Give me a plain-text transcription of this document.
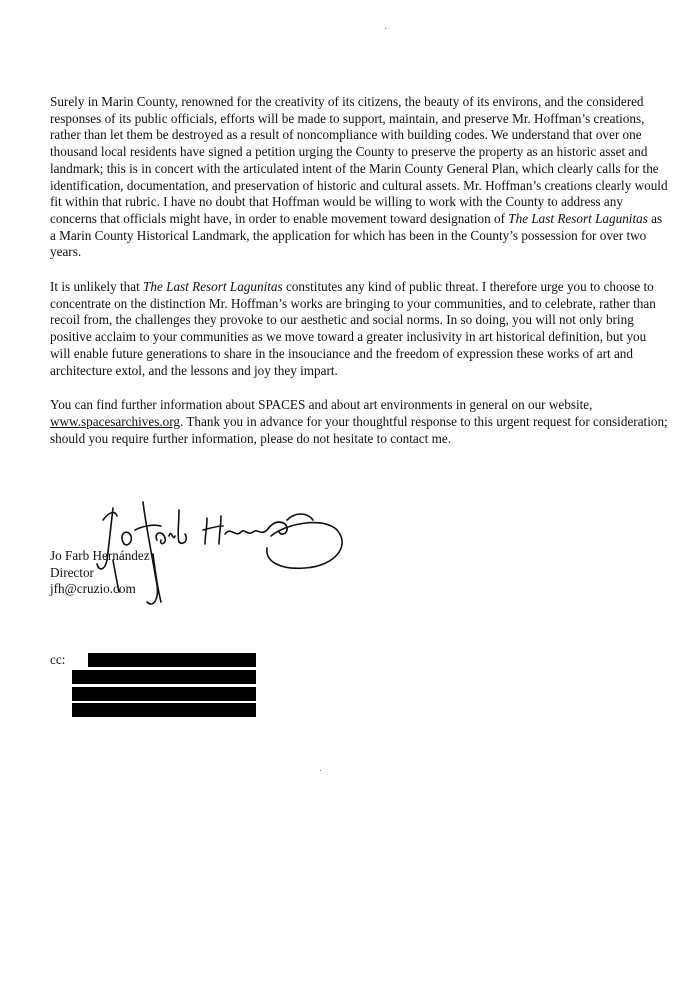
Surely in Marin County, renowned for the creativity of its citizens, the beauty of its environs, and the considered responses of its public officials, efforts will be made to support, maintain, and preserve Mr. Hoffman’s creations, rather than let them be destroyed as a result of noncompliance with building codes. We understand that over one thousand local residents have signed a petition urging the County to preserve the property as an historic asset and landmark; this is in concert with the articulated intent of the Marin County General Plan, which clearly calls for the identification, documentation, and preservation of historic and cultural assets. Mr. Hoffman’s creations clearly would fit within that rubric. I have no doubt that Hoffman would be willing to work with the County to address any concerns that officials might have, in order to enable movement toward designation of The Last Resort Lagunitas as a Marin County Historical Landmark, the application for which has been in the County’s possession for over two years.

It is unlikely that The Last Resort Lagunitas constitutes any kind of public threat. I therefore urge you to choose to concentrate on the distinction Mr. Hoffman’s works are bringing to your communities, and to celebrate, rather than recoil from, the challenges they provoke to our aesthetic and social norms. In so doing, you will not only bring positive acclaim to your communities as we move toward a greater inclusivity in art historical definition, but you will enable future generations to share in the insouciance and the freedom of expression these works of art and architecture extol, and the lessons and joy they impart.

You can find further information about SPACES and about art environments in general on our website, www.spacesarchives.org. Thank you in advance for your thoughtful response to this urgent request for consideration; should you require further information, please do not hesitate to contact me.

Jo Farb Hernández
Director
jfh@cruzio.com
cc:
